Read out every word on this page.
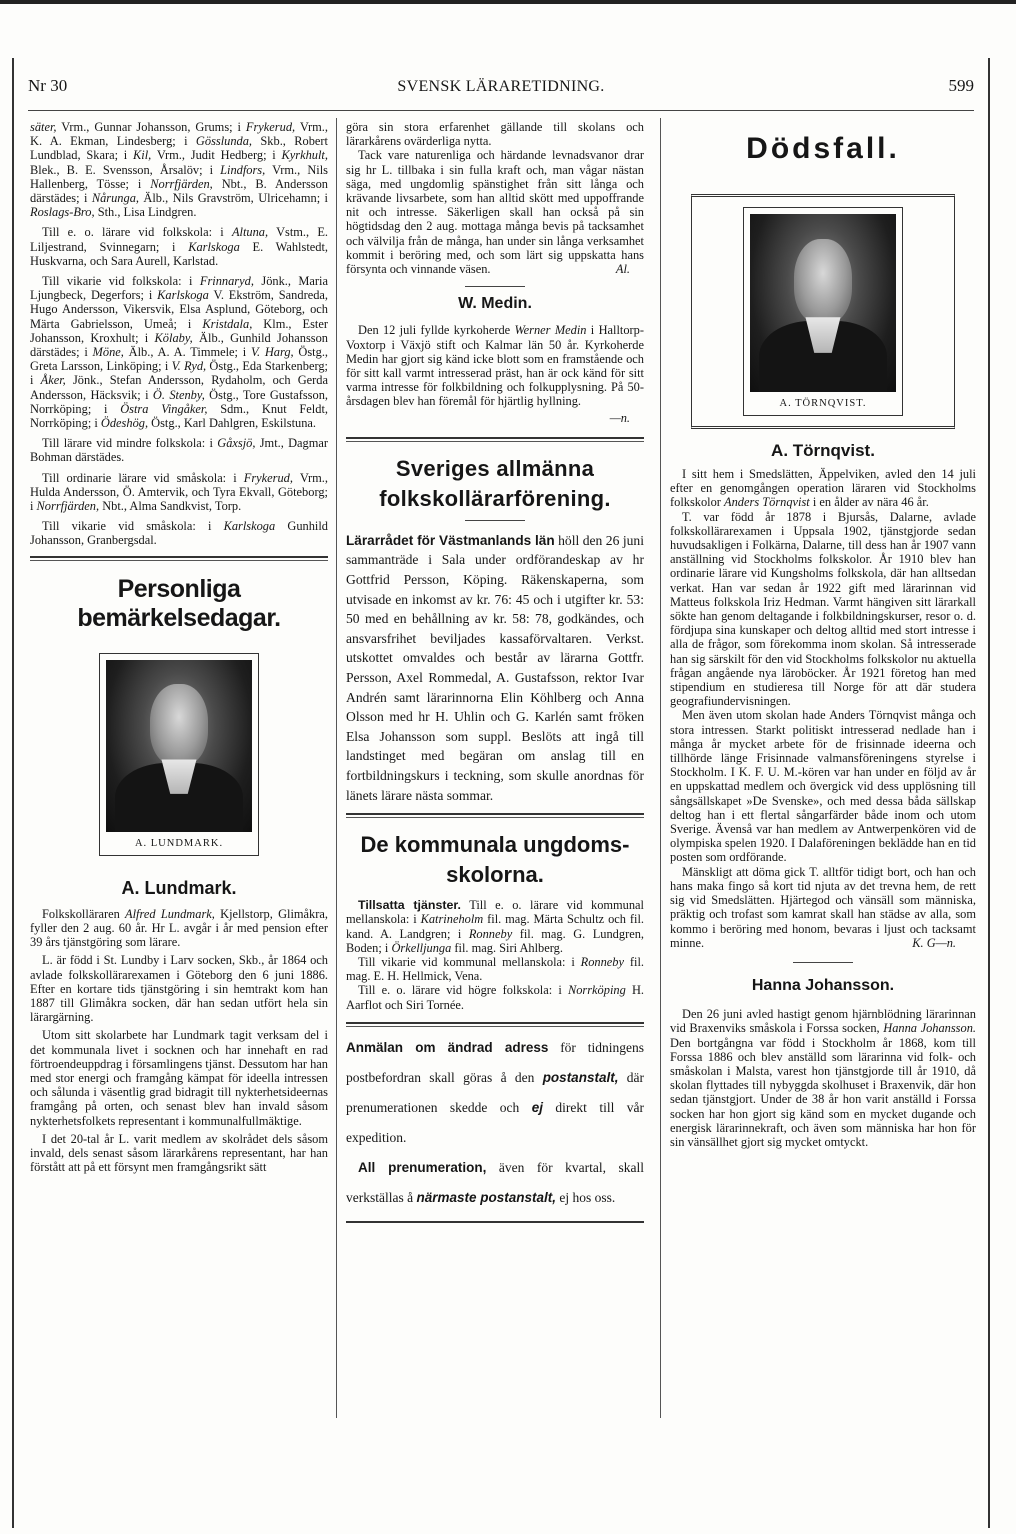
Nr 30	SVENSK LÄRARETIDNING.	599

säter, Vrm., Gunnar Johansson, Grums; i Frykerud, Vrm., K. A. Ekman, Lindesberg; i Gösslunda, Skb., Robert Lundblad, Skara; i Kil, Vrm., Judit Hedberg; i Kyrkhult, Blek., B. E. Svensson, Årsalöv; i Lindfors, Vrm., Nils Hallenberg, Tösse; i Norrfjärden, Nbt., B. Andersson därstädes; i Nårunga, Älb., Nils Gravström, Ulricehamn; i Roslags-Bro, Sth., Lisa Lindgren.

Till e. o. lärare vid folkskola: i Altuna, Vstm., E. Liljestrand, Svinnegarn; i Karlskoga E. Wahlstedt, Huskvarna, och Sara Aurell, Karlstad.

Till vikarie vid folkskola: i Frinnaryd, Jönk., Maria Ljungbeck, Degerfors; i Karlskoga V. Ekström, Sandreda, Hugo Andersson, Vikersvik, Elsa Asplund, Göteborg, och Märta Gabrielsson, Umeå; i Kristdala, Klm., Ester Johansson, Kroxhult; i Kölaby, Älb., Gunhild Johansson därstädes; i Möne, Älb., A. A. Timmele; i V. Harg, Östg., Greta Larsson, Linköping; i V. Ryd, Östg., Eda Starkenberg; i Åker, Jönk., Stefan Andersson, Rydaholm, och Gerda Andersson, Häcksvik; i Ö. Stenby, Östg., Tore Gustafsson, Norrköping; i Östra Vingåker, Sdm., Knut Feldt, Norrköping; i Ödeshög, Östg., Karl Dahlgren, Eskilstuna.

Till lärare vid mindre folkskola: i Gåxsjö, Jmt., Dagmar Bohman därstädes.

Till ordinarie lärare vid småskola: i Frykerud, Vrm., Hulda Andersson, Ö. Amtervik, och Tyra Ekvall, Göteborg; i Norrfjärden, Nbt., Alma Sandkvist, Torp.

Till vikarie vid småskola: i Karlskoga Gunhild Johansson, Granbergsdal.

Personliga bemärkelsedagar.
A. LUNDMARK.
A. Lundmark.

Folkskolläraren Alfred Lundmark, Kjellstorp, Glimåkra, fyller den 2 aug. 60 år. Hr L. avgår i år med pension efter 39 års tjänstgöring som lärare.

L. är född i St. Lundby i Larv socken, Skb., år 1864 och avlade folkskollärarexamen i Göteborg den 6 juni 1886. Efter en kortare tids tjänstgöring i sin hemtrakt kom han 1887 till Glimåkra socken, där han sedan utfört hela sin lärargärning.

Utom sitt skolarbete har Lundmark tagit verksam del i det kommunala livet i socknen och har innehaft en rad förtroendeuppdrag i församlingens tjänst. Dessutom har han med stor energi och framgång kämpat för ideella intressen och sålunda i väsentlig grad bidragit till nykterhetsideernas framgång på orten, och senast blev han invald såsom nykterhetsfolkets representant i kommunalfullmäktige.

I det 20-tal år L. varit medlem av skolrådet dels såsom invald, dels senast såsom lärarkårens representant, har han förstått att på ett försynt men framgångsrikt sätt

göra sin stora erfarenhet gällande till skolans och lärarkårens ovärderliga nytta.

Tack vare naturenliga och härdande levnadsvanor drar sig hr L. tillbaka i sin fulla kraft och, man vågar nästan säga, med ungdomlig spänstighet från sitt långa och krävande livsarbete, som han alltid skött med uppoffrande nit och intresse. Säkerligen skall han också på sin högtidsdag den 2 aug. mottaga många bevis på tacksamhet och välvilja från de många, han under sin långa verksamhet kommit i beröring med, och som lärt sig uppskatta hans försynta och vinnande väsen.	Al.

W. Medin.

Den 12 juli fyllde kyrkoherde Werner Medin i Halltorp-Voxtorp i Växjö stift och Kalmar län 50 år. Kyrkoherde Medin har gjort sig känd icke blott som en framstående och för sitt kall varmt intresserad präst, han är ock känd för sitt varma intresse för folkbildning och folkupplysning. På 50-årsdagen blev han föremål för hjärtlig hyllning.

—n.

Sveriges allmänna
folkskollärarförening.

Lärarrådet för Västmanlands län höll den 26 juni sammanträde i Sala under ordförandeskap av hr Gottfrid Persson, Köping. Räkenskaperna, som utvisade en inkomst av kr. 76: 45 och i utgifter kr. 53: 50 med en behållning av kr. 58: 78, godkändes, och ansvarsfrihet beviljades kassaförvaltaren. Verkst. utskottet omvaldes och består av lärarna Gottfr. Persson, Axel Rommedal, A. Gustafsson, rektor Ivar Andrén samt lärarinnorna Elin Köhlberg och Anna Olsson med hr H. Uhlin och G. Karlén samt fröken Elsa Johansson som suppl. Beslöts att ingå till landstinget med begäran om anslag till en fortbildningskurs i teckning, som skulle anordnas för länets lärare nästa sommar.

De kommunala ungdoms-
skolorna.

Tillsatta tjänster. Till e. o. lärare vid kommunal mellanskola: i Katrineholm fil. mag. Märta Schultz och fil. kand. A. Landgren; i Ronneby fil. mag. G. Lundgren, Boden; i Örkelljunga fil. mag. Siri Ahlberg.

Till vikarie vid kommunal mellanskola: i Ronneby fil. mag. E. H. Hellmick, Vena.

Till e. o. lärare vid högre folkskola: i Norrköping H. Aarflot och Siri Tornée.

Anmälan om ändrad adress för tidningens postbefordran skall göras å den postanstalt, där prenumerationen skedde och ej direkt till vår expedition.

All prenumeration, även för kvartal, skall verkställas å närmaste postanstalt, ej hos oss.

Dödsfall.
A. TÖRNQVIST.
A. Törnqvist.

I sitt hem i Smedslätten, Äppelviken, avled den 14 juli efter en genomgången operation läraren vid Stockholms folkskolor Anders Törnqvist i en ålder av nära 46 år.

T. var född år 1878 i Bjursås, Dalarne, avlade folkskollärarexamen i Uppsala 1902, tjänstgjorde sedan huvudsakligen i Folkärna, Dalarne, till dess han år 1907 vann anställning vid Stockholms folkskolor. År 1910 blev han ordinarie lärare vid Kungsholms folkskola, där han alltsedan verkat. Han var sedan år 1922 gift med lärarinnan vid Matteus folkskola Iriz Hedman. Varmt hängiven sitt lärarkall sökte han genom deltagande i folkbildningskurser, resor o. d. fördjupa sina kunskaper och deltog alltid med stort intresse i alla de frågor, som förekomma inom skolan. Så intresserade han sig särskilt för den vid Stockholms folkskolor nu aktuella frågan angående nya läroböcker. År 1921 företog han med stipendium en studieresa till Norge för att där studera geografiundervisningen.

Men även utom skolan hade Anders Törnqvist många och stora intressen. Starkt politiskt intresserad nedlade han i många år mycket arbete för de frisinnade ideerna och tillhörde länge Frisinnade valmansföreningens styrelse i Stockholm. I K. F. U. M.-kören var han under en följd av år en uppskattad medlem och övergick vid dess upplösning till sångsällskapet »De Svenske», och med dessa båda sällskap deltog han i ett flertal sångarfärder både inom och utom Sverige. Ävenså var han medlem av Antwerpenkören vid de olympiska spelen 1920. I Dalaföreningen beklädde han en tid posten som ordförande.

Mänskligt att döma gick T. alltför tidigt bort, och han och hans maka fingo så kort tid njuta av det trevna hem, de rett sig vid Smedslätten. Hjärtegod och vänsäll som människa, präktig och trofast som kamrat skall han städse av alla, som kommo i beröring med honom, bevaras i ljust och tacksamt minne.	K. G—n.

Hanna Johansson.

Den 26 juni avled hastigt genom hjärnblödning lärarinnan vid Braxenviks småskola i Forssa socken, Hanna Johansson. Den bortgångna var född i Stockholm år 1868, kom till Forssa 1886 och blev anställd som lärarinna vid folk- och småskolan i Malsta, varest hon tjänstgjorde till år 1910, då skolan flyttades till nybyggda skolhuset i Braxenvik, där hon sedan tjänstgjort. Under de 38 år hon varit anställd i Forssa socken har hon gjort sig känd som en mycket dugande och energisk lärarinnekraft, och även som människa har hon för sin vänsällhet gjort sig mycket omtyckt.
